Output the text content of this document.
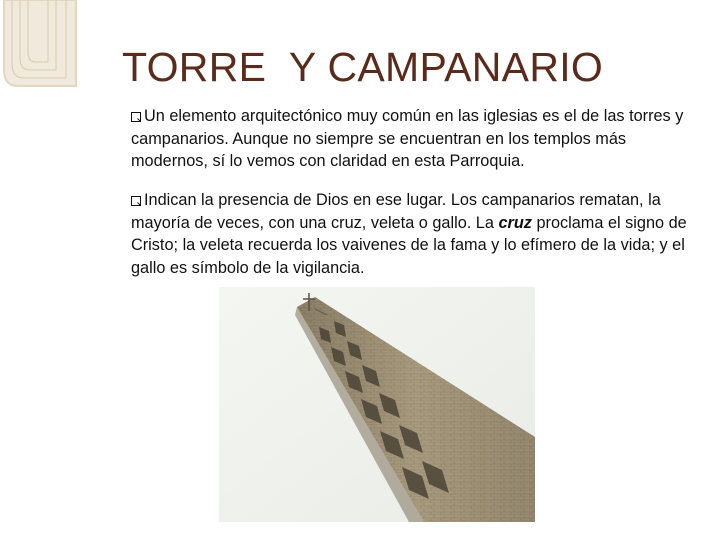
TORRE  Y CAMPANARIO

Un elemento arquitectónico muy común en las iglesias es el de las torres y campanarios. Aunque no siempre se encuentran en los templos más modernos, sí lo vemos con claridad en esta Parroquia.

Indican la presencia de Dios en ese lugar. Los campanarios rematan, la mayoría de veces, con una cruz, veleta o gallo. La cruz proclama el signo de Cristo; la veleta recuerda los vaivenes de la fama y lo efímero de la vida; y el gallo es símbolo de la vigilancia.
